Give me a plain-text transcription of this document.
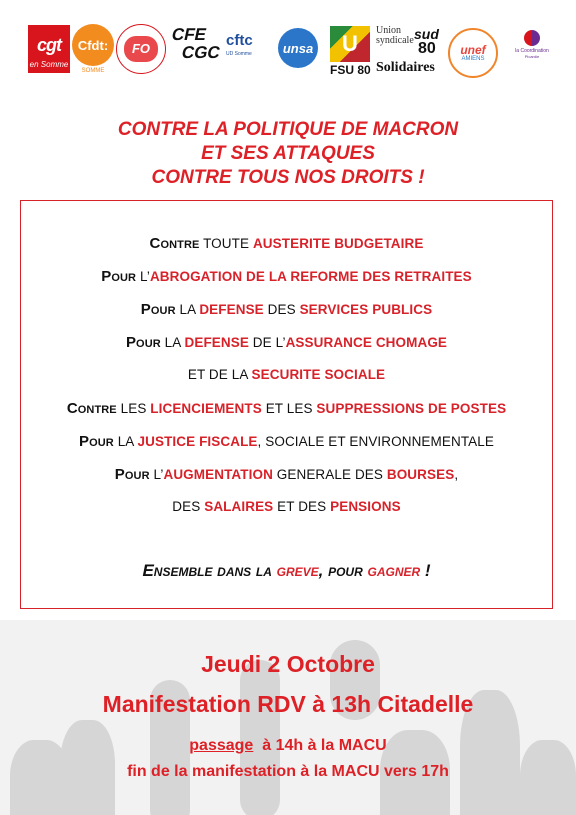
cgt
en Somme
Cfdt:
SOMME
FO
CFE
CGC
cftc
UD Somme	unsa	U
FSU 80
Union
syndicale sud
80
Solidaires
unef
AMIENS
la Coordination
Picardie
CONTRE LA POLITIQUE DE MACRON
ET SES ATTAQUES
CONTRE TOUS NOS DROITS !
Contre TOUTE AUSTERITE BUDGETAIRE
Pour L’ABROGATION DE LA REFORME DES RETRAITES
Pour LA DEFENSE DES SERVICES PUBLICS
Pour LA DEFENSE DE L’ASSURANCE CHOMAGE
ET DE LA SECURITE SOCIALE
Contre LES LICENCIEMENTS ET LES SUPPRESSIONS DE POSTES
Pour LA JUSTICE FISCALE, SOCIALE ET ENVIRONNEMENTALE
Pour L’AUGMENTATION GENERALE DES BOURSES,
DES SALAIRES ET DES PENSIONS
Ensemble dans la greve, pour gagner !
Jeudi 2 Octobre
Manifestation RDV à 13h Citadelle
passage  à 14h à la MACU
fin de la manifestation à la MACU vers 17h
